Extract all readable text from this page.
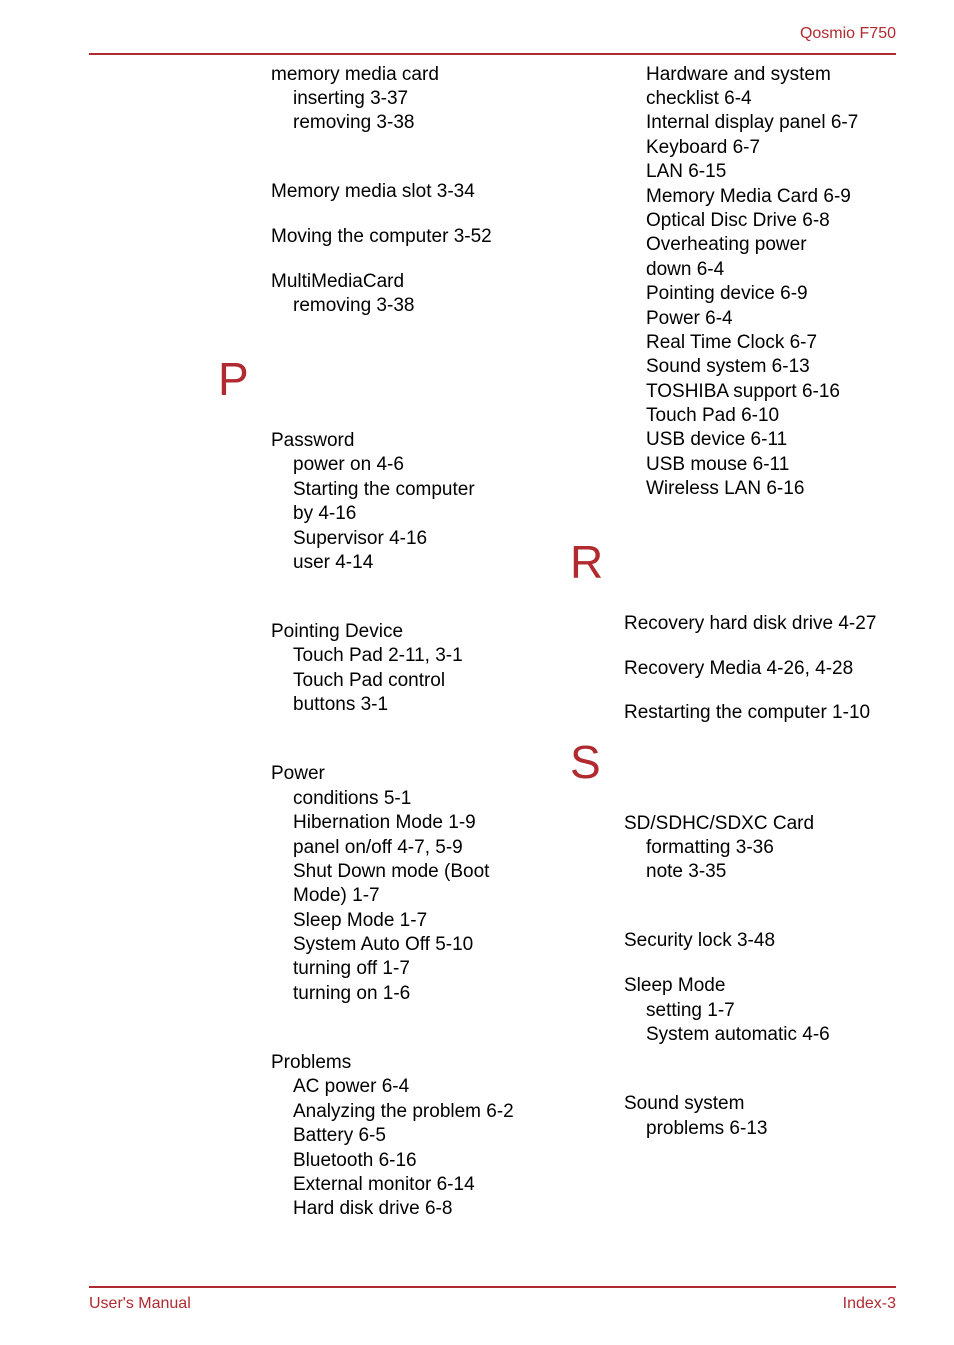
Qosmio F750
memory media card
inserting 3-37
removing 3-38
Memory media slot 3-34
Moving the computer 3-52
MultiMediaCard
removing 3-38
P
Password
power on 4-6
Starting the computer
by 4-16
Supervisor 4-16
user 4-14
Pointing Device
Touch Pad 2-11, 3-1
Touch Pad control
buttons 3-1
Power
conditions 5-1
Hibernation Mode 1-9
panel on/off 4-7, 5-9
Shut Down mode (Boot
Mode) 1-7
Sleep Mode 1-7
System Auto Off 5-10
turning off 1-7
turning on 1-6
Problems
AC power 6-4
Analyzing the problem 6-2
Battery 6-5
Bluetooth 6-16
External monitor 6-14
Hard disk drive 6-8
Hardware and system
checklist 6-4
Internal display panel 6-7
Keyboard 6-7
LAN 6-15
Memory Media Card 6-9
Optical Disc Drive 6-8
Overheating power
down 6-4
Pointing device 6-9
Power 6-4
Real Time Clock 6-7
Sound system 6-13
TOSHIBA support 6-16
Touch Pad 6-10
USB device 6-11
USB mouse 6-11
Wireless LAN 6-16
R
Recovery hard disk drive 4-27
Recovery Media 4-26, 4-28
Restarting the computer 1-10
S
SD/SDHC/SDXC Card
formatting 3-36
note 3-35
Security lock 3-48
Sleep Mode
setting 1-7
System automatic 4-6
Sound system
problems 6-13
User's Manual	Index-3
